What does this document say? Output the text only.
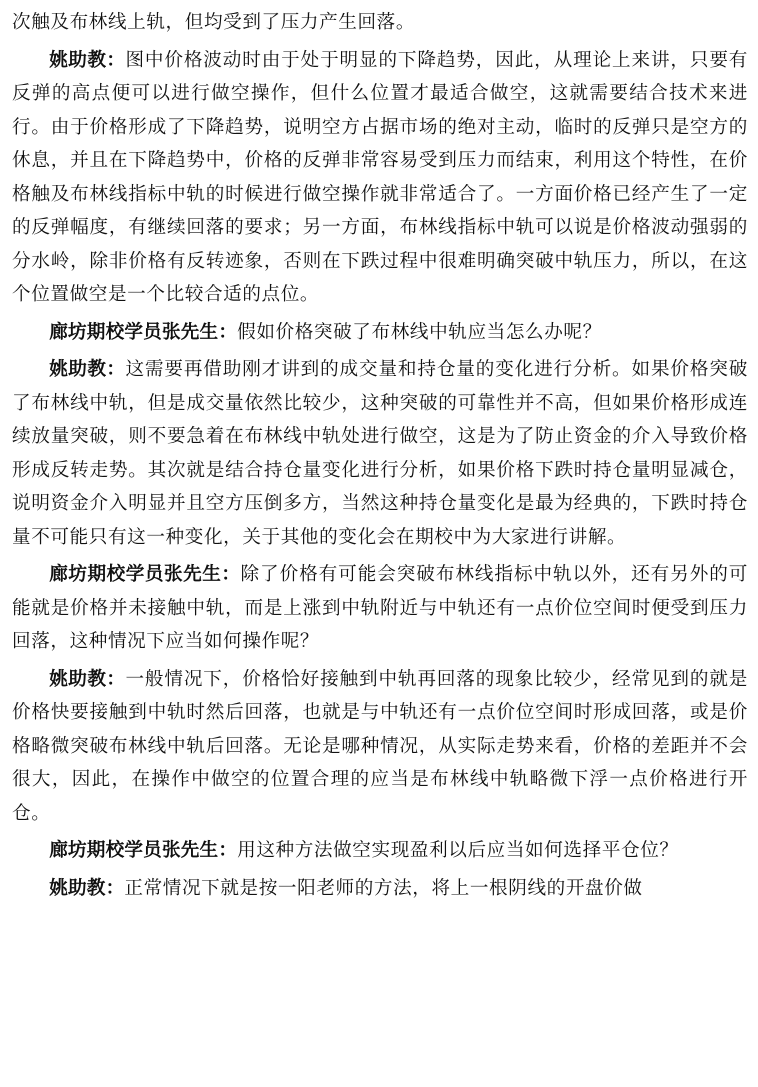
次触及布林线上轨，但均受到了压力产生回落。

姚助教：图中价格波动时由于处于明显的下降趋势，因此，从理论上来讲，只要有反弹的高点便可以进行做空操作，但什么位置才最适合做空，这就需要结合技术来进行。由于价格形成了下降趋势，说明空方占据市场的绝对主动，临时的反弹只是空方的休息，并且在下降趋势中，价格的反弹非常容易受到压力而结束，利用这个特性，在价格触及布林线指标中轨的时候进行做空操作就非常适合了。一方面价格已经产生了一定的反弹幅度，有继续回落的要求；另一方面，布林线指标中轨可以说是价格波动强弱的分水岭，除非价格有反转迹象，否则在下跌过程中很难明确突破中轨压力，所以，在这个位置做空是一个比较合适的点位。

廊坊期校学员张先生：假如价格突破了布林线中轨应当怎么办呢？

姚助教：这需要再借助刚才讲到的成交量和持仓量的变化进行分析。如果价格突破了布林线中轨，但是成交量依然比较少，这种突破的可靠性并不高，但如果价格形成连续放量突破，则不要急着在布林线中轨处进行做空，这是为了防止资金的介入导致价格形成反转走势。其次就是结合持仓量变化进行分析，如果价格下跌时持仓量明显减仓，说明资金介入明显并且空方压倒多方，当然这种持仓量变化是最为经典的，下跌时持仓量不可能只有这一种变化，关于其他的变化会在期校中为大家进行讲解。

廊坊期校学员张先生：除了价格有可能会突破布林线指标中轨以外，还有另外的可能就是价格并未接触中轨，而是上涨到中轨附近与中轨还有一点价位空间时便受到压力回落，这种情况下应当如何操作呢？

姚助教：一般情况下，价格恰好接触到中轨再回落的现象比较少，经常见到的就是价格快要接触到中轨时然后回落，也就是与中轨还有一点价位空间时形成回落，或是价格略微突破布林线中轨后回落。无论是哪种情况，从实际走势来看，价格的差距并不会很大，因此，在操作中做空的位置合理的应当是布林线中轨略微下浮一点价格进行开仓。

廊坊期校学员张先生：用这种方法做空实现盈利以后应当如何选择平仓位？

姚助教：正常情况下就是按一阳老师的方法，将上一根阴线的开盘价做
